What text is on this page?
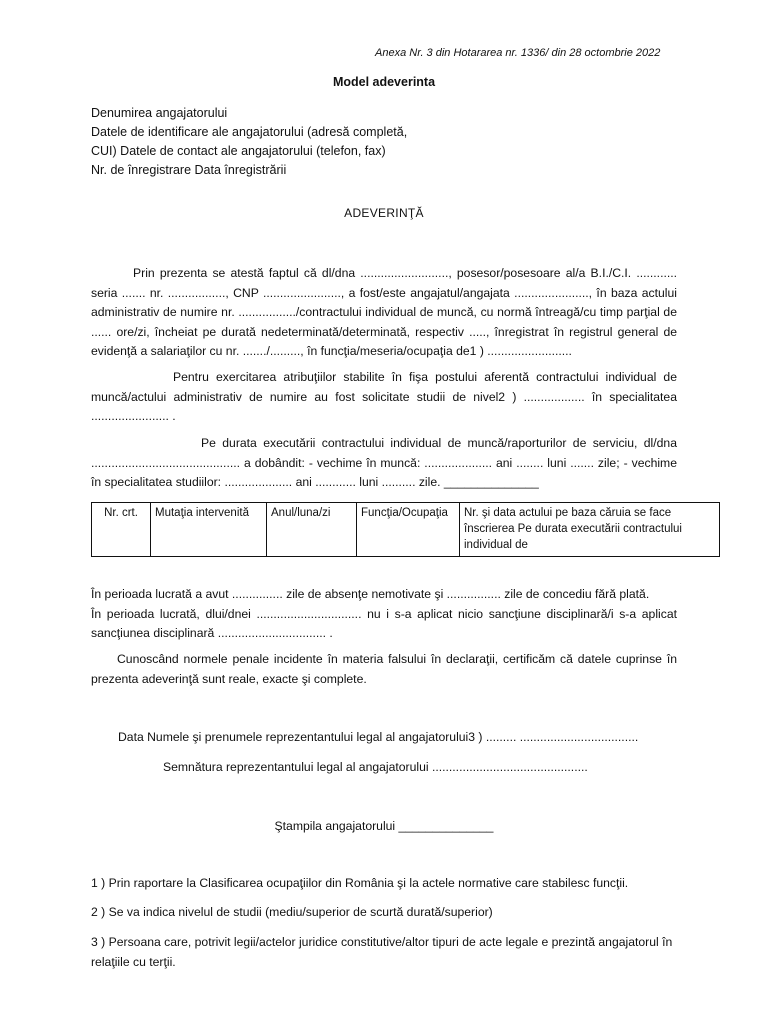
Anexa Nr. 3 din Hotararea nr. 1336/ din 28 octombrie 2022
Model adeverinta
Denumirea angajatorului
Datele de identificare ale angajatorului (adresă completă,
CUI) Datele de contact ale angajatorului (telefon, fax)
Nr. de înregistrare Data înregistrării
ADEVERINŢĂ
Prin prezenta se atestă faptul că dl/dna .........................., posesor/posesoare al/a B.I./C.I. ............ seria ....... nr. ................., CNP ......................., a fost/este angajatul/angajata ......................, în baza actului administrativ de numire nr. ................./contractului individual de muncă, cu normă întreagă/cu timp parţial de ...... ore/zi, încheiat pe durată nedeterminată/determinată, respectiv ....., înregistrat în registrul general de evidenţă a salariaţilor cu nr. ......./........., în funcţia/meseria/ocupaţia de1 ) .........................
Pentru exercitarea atribuţiilor stabilite în fişa postului aferentă contractului individual de muncă/actului administrativ de numire au fost solicitate studii de nivel2 ) .................. în specialitatea ....................... .
Pe durata executării contractului individual de muncă/raporturilor de serviciu, dl/dna ............................................ a dobândit: - vechime în muncă: .................... ani ........ luni ....... zile; - vechime în specialitatea studiilor: .................... ani ............ luni .......... zile. ______________
Nr. crt.	Mutaţia intervenită	Anul/luna/zi	Funcţia/Ocupaţia	Nr. şi data actului pe baza căruia se face înscrierea Pe durata executării contractului individual de
În perioada lucrată a avut ............... zile de absenţe nemotivate şi ................ zile de concediu fără plată.
În perioada lucrată, dlui/dnei ............................... nu i s-a aplicat nicio sancţiune disciplinară/i s-a aplicat sancţiunea disciplinară ................................ .
Cunoscând normele penale incidente în materia falsului în declaraţii, certificăm că datele cuprinse în prezenta adeverinţă sunt reale, exacte şi complete.
Data Numele şi prenumele reprezentantului legal al angajatorului3 ) ......... ...................................
Semnătura reprezentantului legal al angajatorului ..............................................
Ştampila angajatorului ______________
1 ) Prin raportare la Clasificarea ocupaţiilor din România şi la actele normative care stabilesc funcţii.
2 ) Se va indica nivelul de studii (mediu/superior de scurtă durată/superior)
3 ) Persoana care, potrivit legii/actelor juridice constitutive/altor tipuri de acte legale e prezintă angajatorul în relaţiile cu terţii.
